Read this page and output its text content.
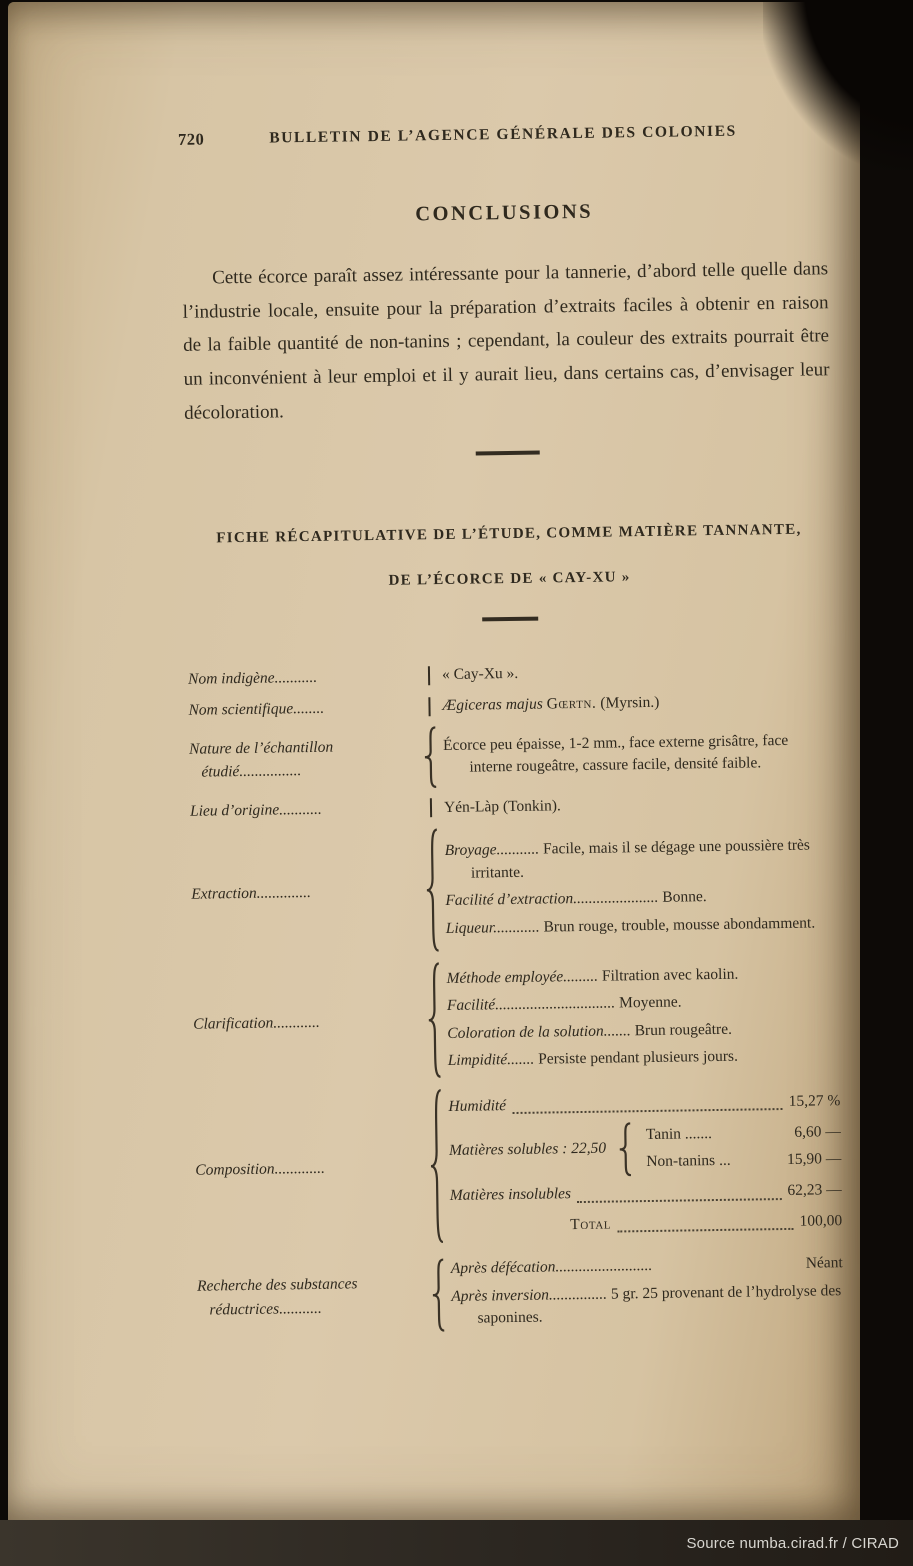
720	BULLETIN DE L’AGENCE GÉNÉRALE DES COLONIES
CONCLUSIONS

Cette écorce paraît assez intéressante pour la tannerie, d’abord telle quelle dans l’industrie locale, ensuite pour la préparation d’extraits faciles à obtenir en raison de la faible quantité de non-tanins ; cependant, la couleur des extraits pourrait être un inconvénient à leur emploi et il y aurait lieu, dans certains cas, d’envisager leur décoloration.

FICHE RÉCAPITULATIVE DE L’ÉTUDE, COMME MATIÈRE TANNANTE,
DE L’ÉCORCE DE « CAY-XU »
Nom indigène...........	« Cay-Xu ».
Nom scientifique........	Ægiceras majus Gœrtn. (Myrsin.)
Nature de l’échantillon
étudié................
Écorce peu épaisse, 1-2 mm., face externe grisâtre, face interne rougeâtre, cassure facile, densité faible.
Lieu d’origine...........	Yén-Làp (Tonkin).
Extraction..............
Broyage........... Facile, mais il se dégage une poussière très irritante.
Facilité d’extraction...................... Bonne.
Liqueur............ Brun rouge, trouble, mousse abondamment.
Clarification............
Méthode employée......... Filtration avec kaolin.
Facilité............................... Moyenne.
Coloration de la solution....... Brun rougeâtre.
Limpidité....... Persiste pendant plusieurs jours.
Composition.............
Humidité	15,27 %
Matières solubles : 22,50
Tanin .......	6,60 —
Non-tanins ...	15,90 —
Matières insolubles	62,23 —
Total	100,00
Recherche des substances
réductrices...........
Après défécation.........................	Néant
Après inversion............... 5 gr. 25 provenant de l’hydrolyse des saponines.
Source numba.cirad.fr / CIRAD
